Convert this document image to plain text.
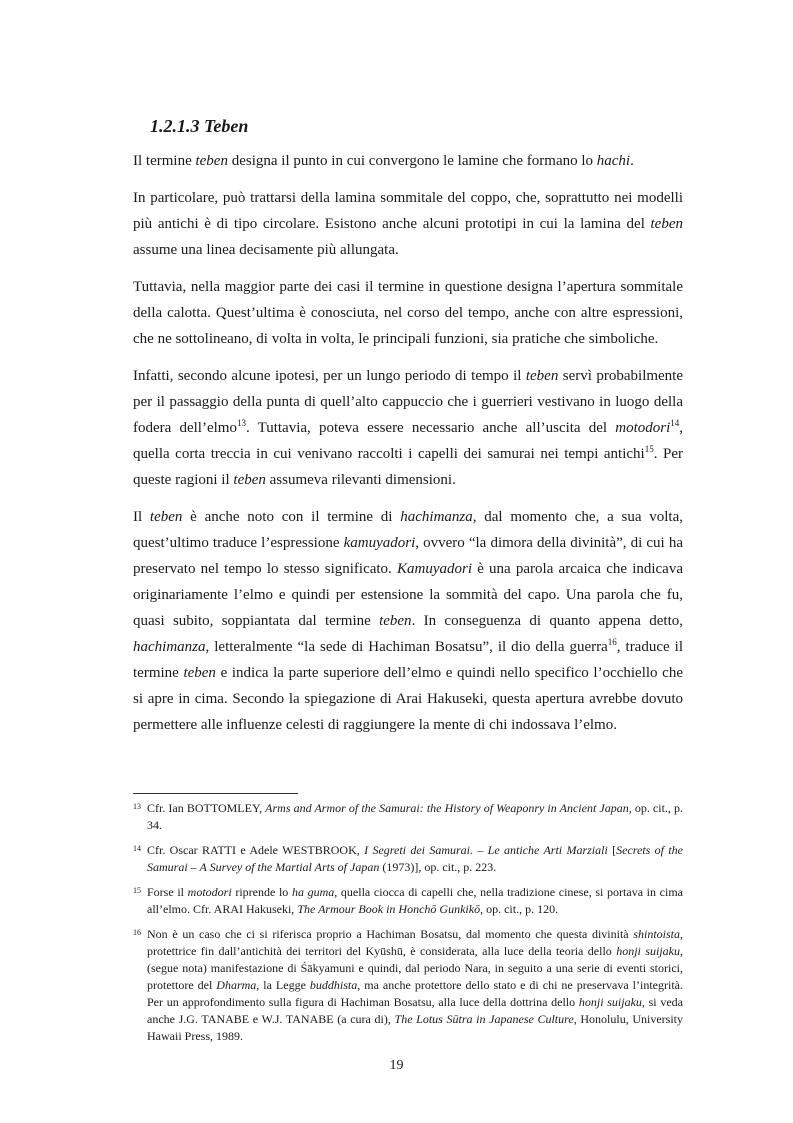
1.2.1.3 Teben

Il termine teben designa il punto in cui convergono le lamine che formano lo hachi.

In particolare, può trattarsi della lamina sommitale del coppo, che, soprattutto nei modelli più antichi è di tipo circolare. Esistono anche alcuni prototipi in cui la lamina del teben assume una linea decisamente più allungata.

Tuttavia, nella maggior parte dei casi il termine in questione designa l’apertura sommitale della calotta. Quest’ultima è conosciuta, nel corso del tempo, anche con altre espressioni, che ne sottolineano, di volta in volta, le principali funzioni, sia pratiche che simboliche.

Infatti, secondo alcune ipotesi, per un lungo periodo di tempo il teben servì probabilmente per il passaggio della punta di quell’alto cappuccio che i guerrieri vestivano in luogo della fodera dell’elmo$^{13}$. Tuttavia, poteva essere necessario anche all’uscita del motodori$^{14}$, quella corta treccia in cui venivano raccolti i capelli dei samurai nei tempi antichi$^{15}$. Per queste ragioni il teben assumeva rilevanti dimensioni.

Il teben è anche noto con il termine di hachimanza, dal momento che, a sua volta, quest’ultimo traduce l’espressione kamuyadori, ovvero “la dimora della divinità”, di cui ha preservato nel tempo lo stesso significato. Kamuyadori è una parola arcaica che indicava originariamente l’elmo e quindi per estensione la sommità del capo. Una parola che fu, quasi subito, soppiantata dal termine teben. In conseguenza di quanto appena detto, hachimanza, letteralmente “la sede di Hachiman Bosatsu”, il dio della guerra$^{16}$, traduce il termine teben e indica la parte superiore dell’elmo e quindi nello specifico l’occhiello che si apre in cima. Secondo la spiegazione di Arai Hakuseki, questa apertura avrebbe dovuto permettere alle influenze celesti di raggiungere la mente di chi indossava l’elmo.

13 Cfr. Ian BOTTOMLEY, Arms and Armor of the Samurai: the History of Weaponry in Ancient Japan, op. cit., p. 34.
14 Cfr. Oscar RATTI e Adele WESTBROOK, I Segreti dei Samurai. – Le antiche Arti Marziali [Secrets of the Samurai – A Survey of the Martial Arts of Japan (1973)], op. cit., p. 223.
15 Forse il motodori riprende lo ha guma, quella ciocca di capelli che, nella tradizione cinese, si portava in cima all’elmo. Cfr. ARAI Hakuseki, The Armour Book in Honchō Gunkikō, op. cit., p. 120.
16 Non è un caso che ci si riferisca proprio a Hachiman Bosatsu, dal momento che questa divinità shintoista, protettrice fin dall’antichità dei territori del Kyūshū, è considerata, alla luce della teoria dello honji suijaku, (segue nota) manifestazione di Śākyamuni e quindi, dal periodo Nara, in seguito a una serie di eventi storici, protettore del Dharma, la Legge buddhista, ma anche protettore dello stato e di chi ne preservava l’integrità. Per un approfondimento sulla figura di Hachiman Bosatsu, alla luce della dottrina dello honji suijaku, si veda anche J.G. TANABE e W.J. TANABE (a cura di), The Lotus Sūtra in Japanese Culture, Honolulu, University Hawaii Press, 1989.
19
